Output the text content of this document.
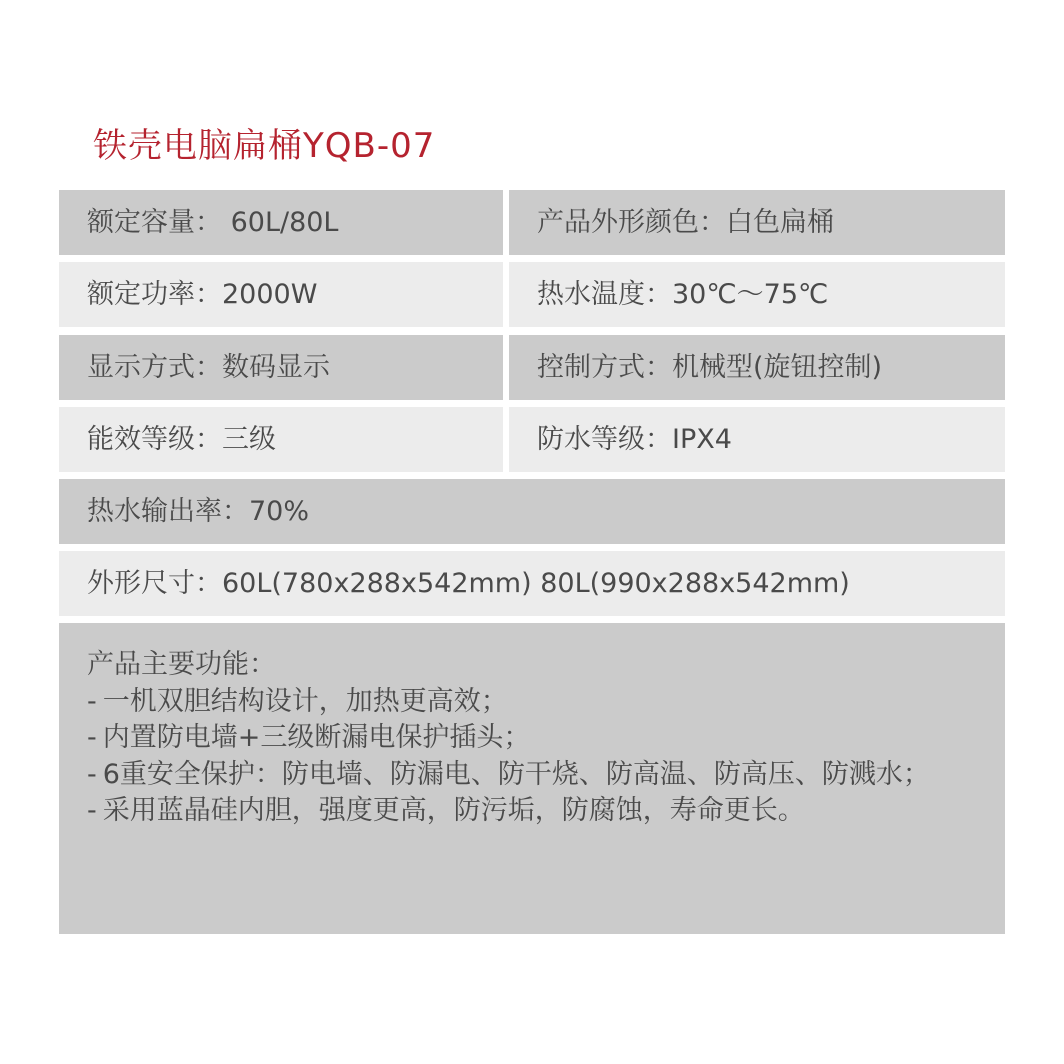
铁壳电脑扁桶YQB-07
额定容量： 60L/80L	产品外形颜色：白色扁桶
额定功率：2000W	热水温度：30℃～75℃
显示方式：数码显示	控制方式：机械型(旋钮控制)
能效等级：三级	防水等级：IPX4
热水输出率：70%
外形尺寸：60L(780x288x542mm) 80L(990x288x542mm)
产品主要功能：
- 一机双胆结构设计，加热更高效；
- 内置防电墙+三级断漏电保护插头；
- 6重安全保护：防电墙、防漏电、防干烧、防高温、防高压、防溅水；
- 采用蓝晶硅内胆，强度更高，防污垢，防腐蚀，寿命更长。
